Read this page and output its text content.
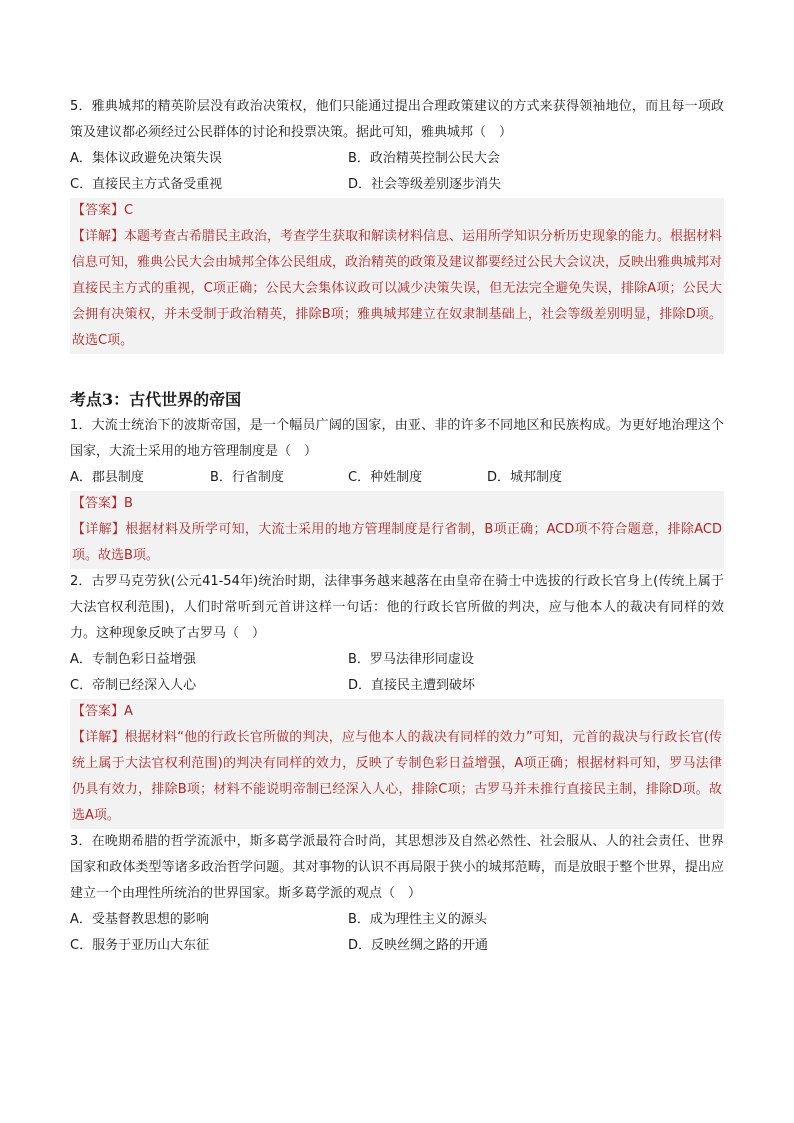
5．雅典城邦的精英阶层没有政治决策权，他们只能通过提出合理政策建议的方式来获得领袖地位，而且每一项政策及建议都必须经过公民群体的讨论和投票决策。据此可知，雅典城邦（　）
A．集体议政避免决策失误	B．政治精英控制公民大会
C．直接民主方式备受重视	D．社会等级差别逐步消失
【答案】C
【详解】本题考查古希腊民主政治，考查学生获取和解读材料信息、运用所学知识分析历史现象的能力。根据材料信息可知，雅典公民大会由城邦全体公民组成，政治精英的政策及建议都要经过公民大会议决，反映出雅典城邦对直接民主方式的重视，C项正确；公民大会集体议政可以减少决策失误，但无法完全避免失误，排除A项；公民大会拥有决策权，并未受制于政治精英，排除B项；雅典城邦建立在奴隶制基础上，社会等级差别明显，排除D项。故选C项。
考点3：古代世界的帝国
1．大流士统治下的波斯帝国，是一个幅员广阔的国家，由亚、非的许多不同地区和民族构成。为更好地治理这个国家，大流士采用的地方管理制度是（　）
A．郡县制度	B．行省制度	C．种姓制度	D．城邦制度
【答案】B
【详解】根据材料及所学可知，大流士采用的地方管理制度是行省制，B项正确；ACD项不符合题意，排除ACD项。故选B项。
2．古罗马克劳狄(公元41-54年)统治时期，法律事务越来越落在由皇帝在骑士中选拔的行政长官身上(传统上属于大法官权利范围)，人们时常听到元首讲这样一句话：他的行政长官所做的判决，应与他本人的裁决有同样的效力。这种现象反映了古罗马（　）
A．专制色彩日益增强	B．罗马法律形同虚设
C．帝制已经深入人心	D．直接民主遭到破坏
【答案】A
【详解】根据材料“他的行政长官所做的判决，应与他本人的裁决有同样的效力”可知，元首的裁决与行政长官(传统上属于大法官权利范围)的判决有同样的效力，反映了专制色彩日益增强，A项正确；根据材料可知，罗马法律仍具有效力，排除B项；材料不能说明帝制已经深入人心，排除C项；古罗马并未推行直接民主制，排除D项。故选A项。
3．在晚期希腊的哲学流派中，斯多葛学派最符合时尚，其思想涉及自然必然性、社会服从、人的社会责任、世界国家和政体类型等诸多政治哲学问题。其对事物的认识不再局限于狭小的城邦范畴，而是放眼于整个世界，提出应建立一个由理性所统治的世界国家。斯多葛学派的观点（　）
A．受基督教思想的影响	B．成为理性主义的源头
C．服务于亚历山大东征	D．反映丝绸之路的开通
